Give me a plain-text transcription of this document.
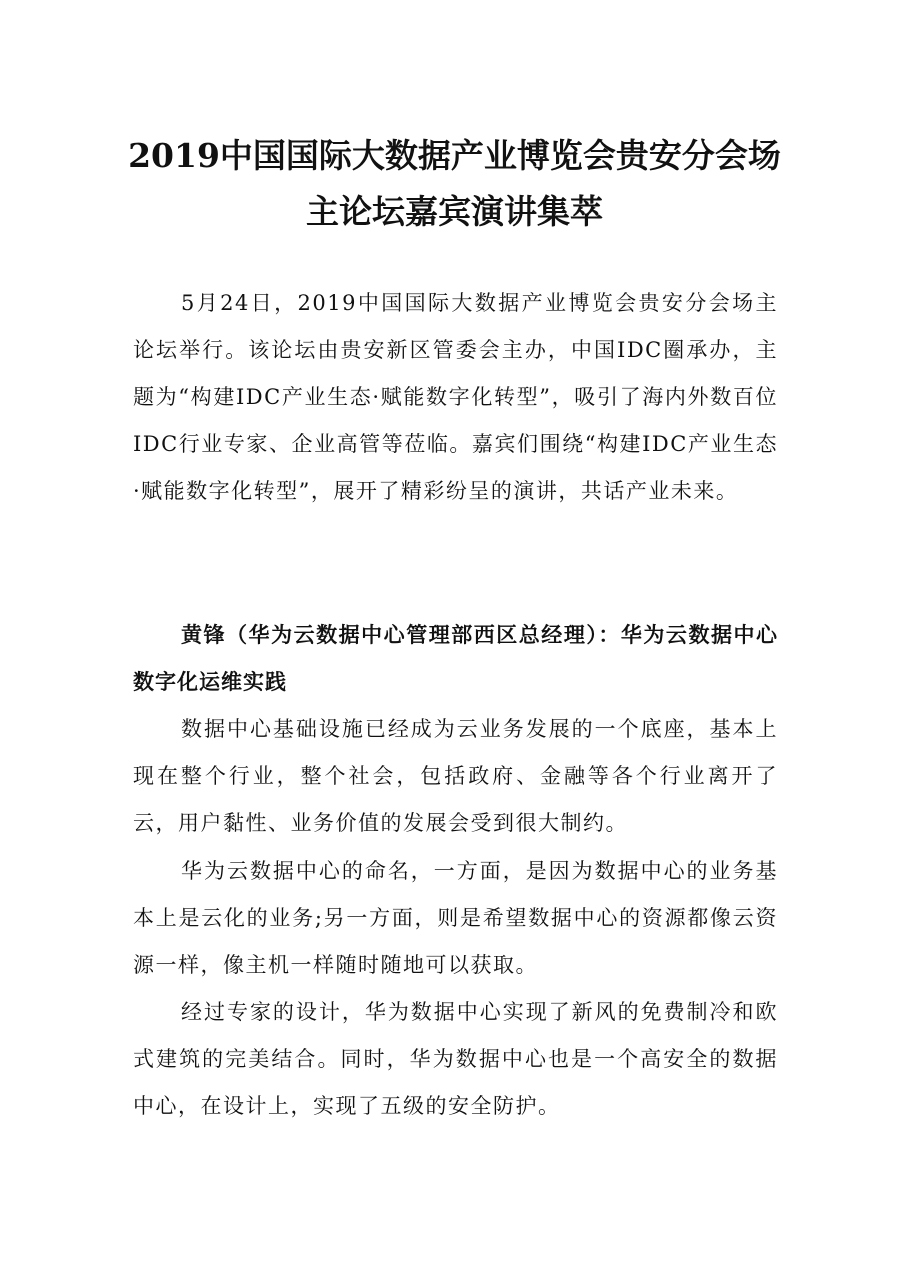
2019中国国际大数据产业博览会贵安分会场
主论坛嘉宾演讲集萃

5月24日，2019中国国际大数据产业博览会贵安分会场主论坛举行。该论坛由贵安新区管委会主办，中国IDC圈承办，主题为“构建IDC产业生态·赋能数字化转型”，吸引了海内外数百位IDC行业专家、企业高管等莅临。嘉宾们围绕“构建IDC产业生态·赋能数字化转型”，展开了精彩纷呈的演讲，共话产业未来。

黄锋（华为云数据中心管理部西区总经理）：华为云数据中心数字化运维实践

数据中心基础设施已经成为云业务发展的一个底座，基本上现在整个行业，整个社会，包括政府、金融等各个行业离开了云，用户黏性、业务价值的发展会受到很大制约。

华为云数据中心的命名，一方面，是因为数据中心的业务基本上是云化的业务;另一方面，则是希望数据中心的资源都像云资源一样，像主机一样随时随地可以获取。

经过专家的设计，华为数据中心实现了新风的免费制冷和欧式建筑的完美结合。同时，华为数据中心也是一个高安全的数据中心，在设计上，实现了五级的安全防护。
